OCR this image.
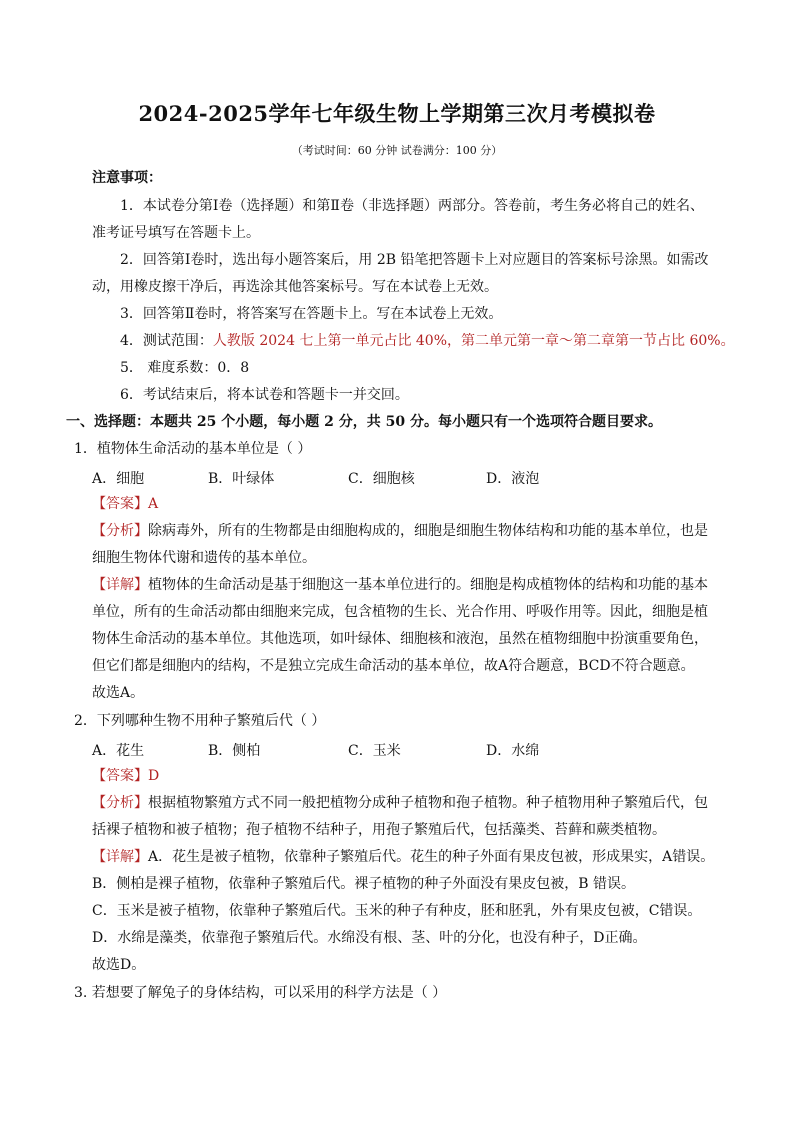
2024-2025学年七年级生物上学期第三次月考模拟卷
（考试时间：60 分钟 试卷满分：100 分）
注意事项：
1．本试卷分第Ⅰ卷（选择题）和第Ⅱ卷（非选择题）两部分。答卷前，考生务必将自己的姓名、
准考证号填写在答题卡上。
2．回答第Ⅰ卷时，选出每小题答案后，用 2B 铅笔把答题卡上对应题目的答案标号涂黑。如需改
动，用橡皮擦干净后，再选涂其他答案标号。写在本试卷上无效。
3．回答第Ⅱ卷时，将答案写在答题卡上。写在本试卷上无效。
4．测试范围：人教版 2024 七上第一单元占比 40%，第二单元第一章～第二章第一节占比 60%。
5． 难度系数：0．8
6．考试结束后，将本试卷和答题卡一并交回。
一、选择题：本题共 25 个小题，每小题 2 分，共 50 分。每小题只有一个选项符合题目要求。
1．植物体生命活动的基本单位是（ ）
A．细胞	B．叶绿体	C．细胞核	D．液泡
【答案】A
【分析】除病毒外，所有的生物都是由细胞构成的，细胞是细胞生物体结构和功能的基本单位，也是
细胞生物体代谢和遗传的基本单位。
【详解】植物体的生命活动是基于细胞这一基本单位进行的。细胞是构成植物体的结构和功能的基本
单位，所有的生命活动都由细胞来完成，包含植物的生长、光合作用、呼吸作用等。因此，细胞是植
物体生命活动的基本单位。其他选项，如叶绿体、细胞核和液泡，虽然在植物细胞中扮演重要角色，
但它们都是细胞内的结构，不是独立完成生命活动的基本单位，故A符合题意，BCD不符合题意。
故选A。
2．下列哪种生物不用种子繁殖后代（ ）
A．花生	B．侧柏	C．玉米	D．水绵
【答案】D
【分析】根据植物繁殖方式不同一般把植物分成种子植物和孢子植物。种子植物用种子繁殖后代，包
括裸子植物和被子植物；孢子植物不结种子，用孢子繁殖后代，包括藻类、苔藓和蕨类植物。
【详解】A．花生是被子植物，依靠种子繁殖后代。花生的种子外面有果皮包被，形成果实，A错误。
B．侧柏是裸子植物，依靠种子繁殖后代。裸子植物的种子外面没有果皮包被，B 错误。
C．玉米是被子植物，依靠种子繁殖后代。玉米的种子有种皮，胚和胚乳，外有果皮包被，C错误。
D．水绵是藻类，依靠孢子繁殖后代。水绵没有根、茎、叶的分化，也没有种子，D正确。
故选D。
3. 若想要了解兔子的身体结构，可以采用的科学方法是（ ）
